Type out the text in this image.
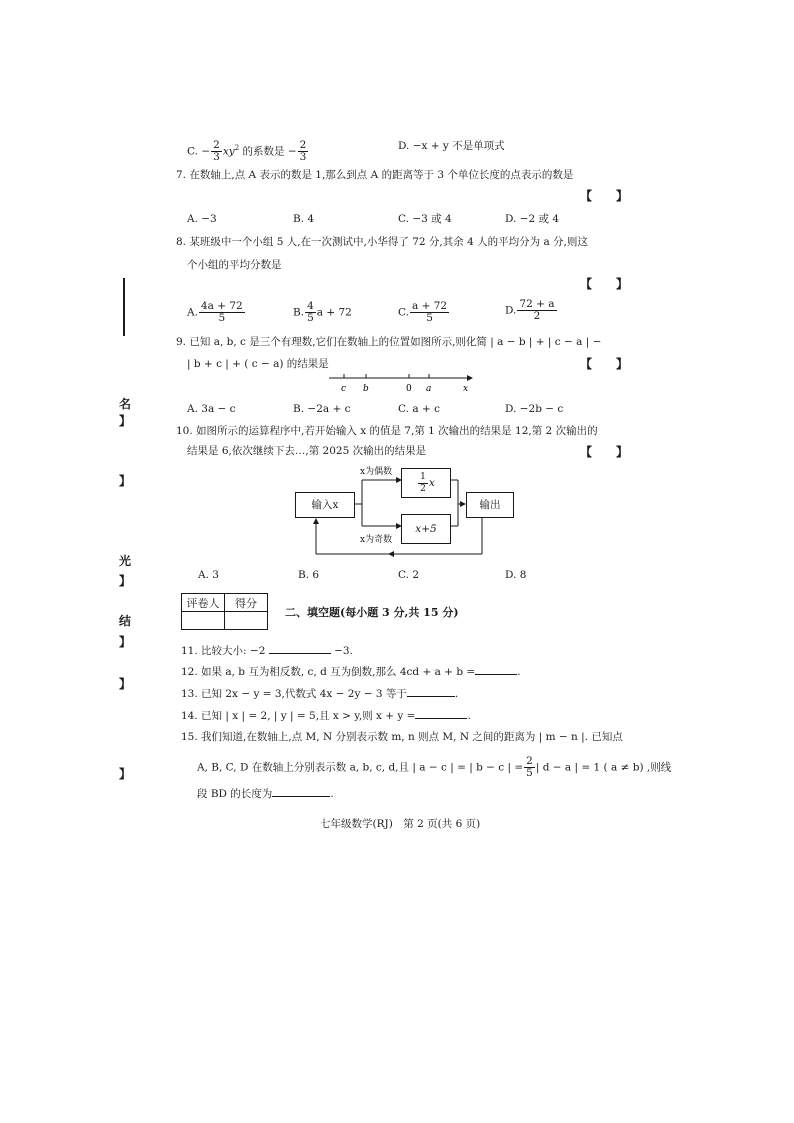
C. − $\frac{2}{3} xy^2$ 的系数是 − $\frac{2}{3}$	D. −x + y 不是单项式
7. 在数轴上,点 A 表示的数是 1,那么到点 A 的距离等于 3 个单位长度的点表示的数是
【　　】
A. −3	B. 4	C. −3 或 4	D. −2 或 4
8. 某班级中一个小组 5 人,在一次测试中,小华得了 72 分,其余 4 人的平均分为 a 分,则这
个小组的平均分数是
【　　】
A. $\frac{4a + 72}{5}$	B. $\frac{4}{5}$ a + 72	C. $\frac{a + 72}{5}$	D. $\frac{72 + a}{2}$
9. 已知 a, b, c 是三个有理数,它们在数轴上的位置如图所示,则化简 | a − b | + | c − a | −
| b + c | + ( c − a) 的结果是	【　　】
c b	0 a	x
A. 3a − c	B. −2a + c	C. a + c	D. −2b − c
10. 如图所示的运算程序中,若开始输入 x 的值是 7,第 1 次输出的结果是 12,第 2 次输出的
结果是 6,依次继续下去…,第 2025 次输出的结果是	【　　】
输入x
x为偶数	$\frac{1}{2}$ x
x+5
x为奇数
输出
A. 3	B. 6	C. 2	D. 8
评卷人	得分

二、填空题(每小题 3 分,共 15 分)
11. 比较大小: −2	−3.
12. 如果 a, b 互为相反数, c, d 互为倒数,那么 4cd + a + b =	.
13. 已知 2x − y = 3,代数式 4x − 2y − 3 等于	.
14. 已知 | x | = 2, | y | = 5,且 x > y,则 x + y =	.
15. 我们知道,在数轴上,点 M, N 分别表示数 m, n 则点 M, N 之间的距离为 | m − n |. 已知点
A, B, C, D 在数轴上分别表示数 a, b, c, d,且 | a − c | = | b − c | = $\frac{2}{5}$ | d − a | = 1 ( a ≠ b) ,则线
段 BD 的长度为	.
名
】
】
光
】
结
】
】
】
七年级数学(RJ)　第 2 页(共 6 页)
